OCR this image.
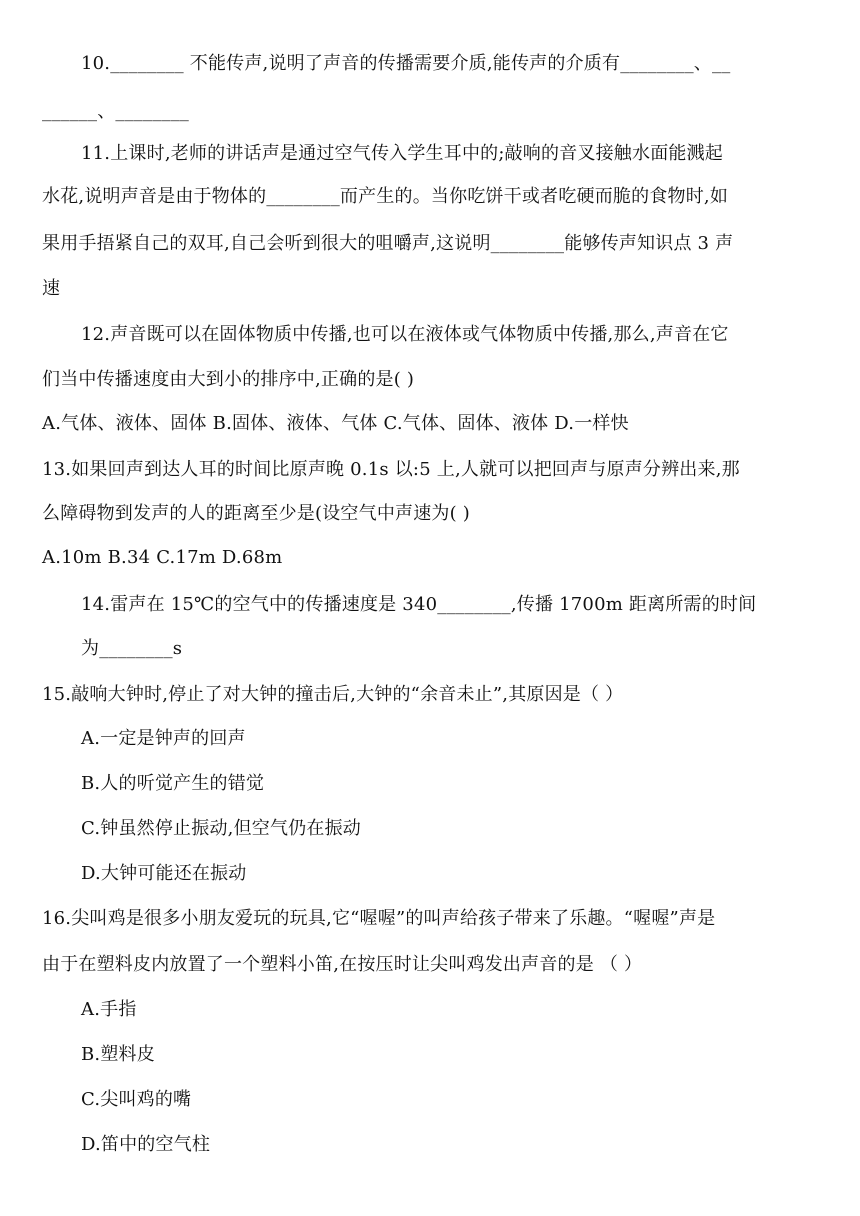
10.________ 不能传声,说明了声音的传播需要介质,能传声的介质有________、__
______、________
11.上课时,老师的讲话声是通过空气传入学生耳中的;敲响的音叉接触水面能溅起
水花,说明声音是由于物体的________而产生的。当你吃饼干或者吃硬而脆的食物时,如
果用手捂紧自己的双耳,自己会听到很大的咀嚼声,这说明________能够传声知识点 3 声
速
12.声音既可以在固体物质中传播,也可以在液体或气体物质中传播,那么,声音在它
们当中传播速度由大到小的排序中,正确的是( )
A.气体、液体、固体 B.固体、液体、气体 C.气体、固体、液体 D.一样快
13.如果回声到达人耳的时间比原声晚 0.1s 以:5 上,人就可以把回声与原声分辨出来,那
么障碍物到发声的人的距离至少是(设空气中声速为( )
A.10m B.34 C.17m D.68m
14.雷声在 15℃的空气中的传播速度是 340________,传播 1700m 距离所需的时间
为________s
15.敲响大钟时,停止了对大钟的撞击后,大钟的“余音未止”,其原因是（ ）
A.一定是钟声的回声
B.人的听觉产生的错觉
C.钟虽然停止振动,但空气仍在振动
D.大钟可能还在振动
16.尖叫鸡是很多小朋友爱玩的玩具,它“喔喔”的叫声给孩子带来了乐趣。“喔喔”声是
由于在塑料皮内放置了一个塑料小笛,在按压时让尖叫鸡发出声音的是 （ ）
A.手指
B.塑料皮
C.尖叫鸡的嘴
D.笛中的空气柱
